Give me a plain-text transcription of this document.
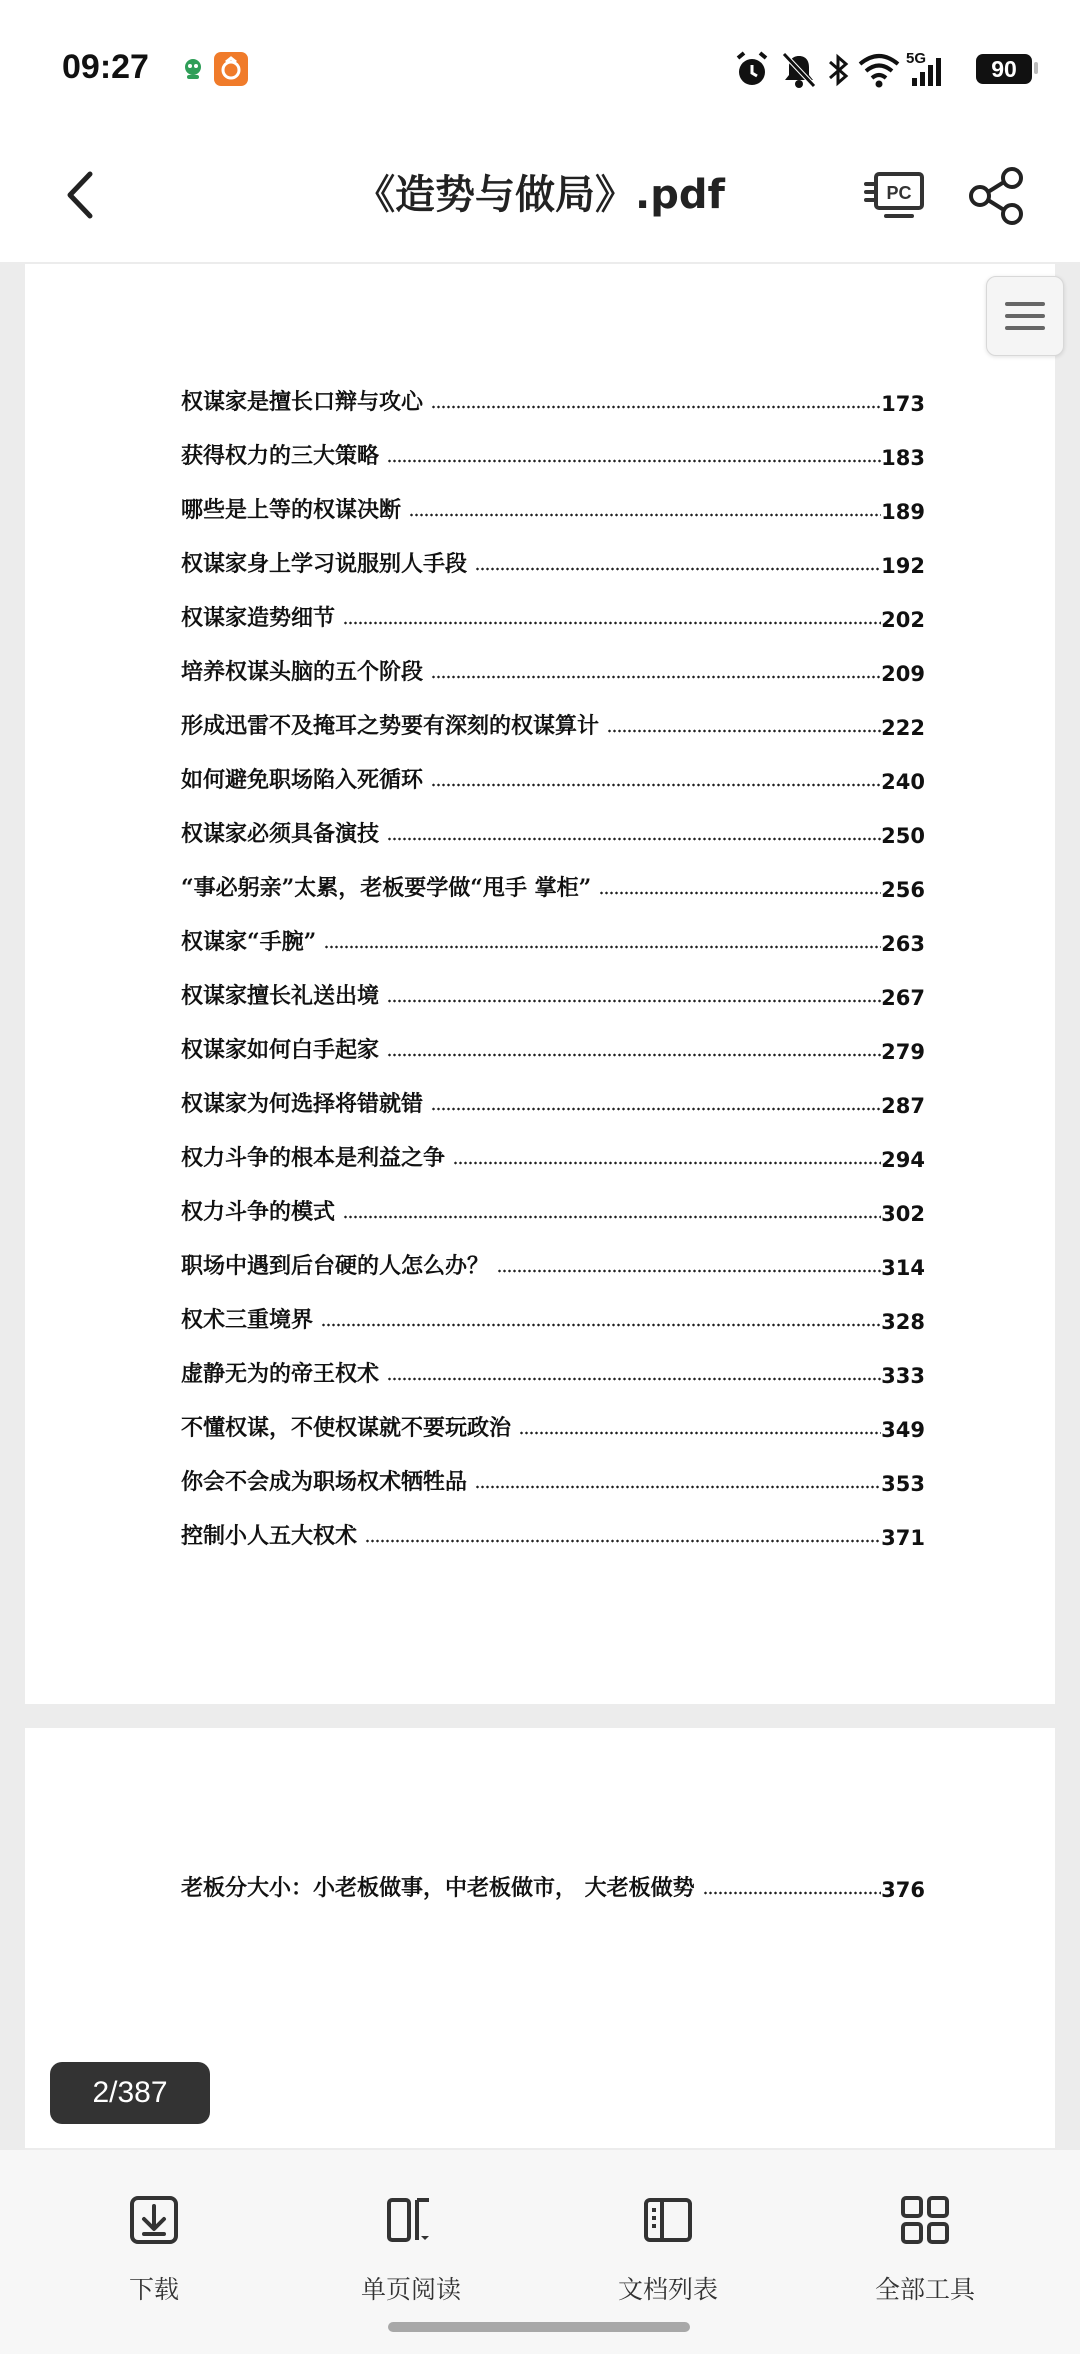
09:27	5G	90
《造势与做局》.pdf	PC
权谋家是擅长口辩与攻心	173
获得权力的三大策略	183
哪些是上等的权谋决断	189
权谋家身上学习说服别人手段	192
权谋家造势细节	202
培养权谋头脑的五个阶段	209
形成迅雷不及掩耳之势要有深刻的权谋算计	222
如何避免职场陷入死循环	240
权谋家必须具备演技	250
“事必躬亲”太累，老板要学做“甩手 掌柜”	256
权谋家“手腕”	263
权谋家擅长礼送出境	267
权谋家如何白手起家	279
权谋家为何选择将错就错	287
权力斗争的根本是利益之争	294
权力斗争的模式	302
职场中遇到后台硬的人怎么办？	314
权术三重境界	328
虚静无为的帝王权术	333
不懂权谋，不使权谋就不要玩政治	349
你会不会成为职场权术牺牲品	353
控制小人五大权术	371
老板分大小：小老板做事，中老板做市， 大老板做势	376
2/387
下载	单页阅读	文档列表	全部工具
